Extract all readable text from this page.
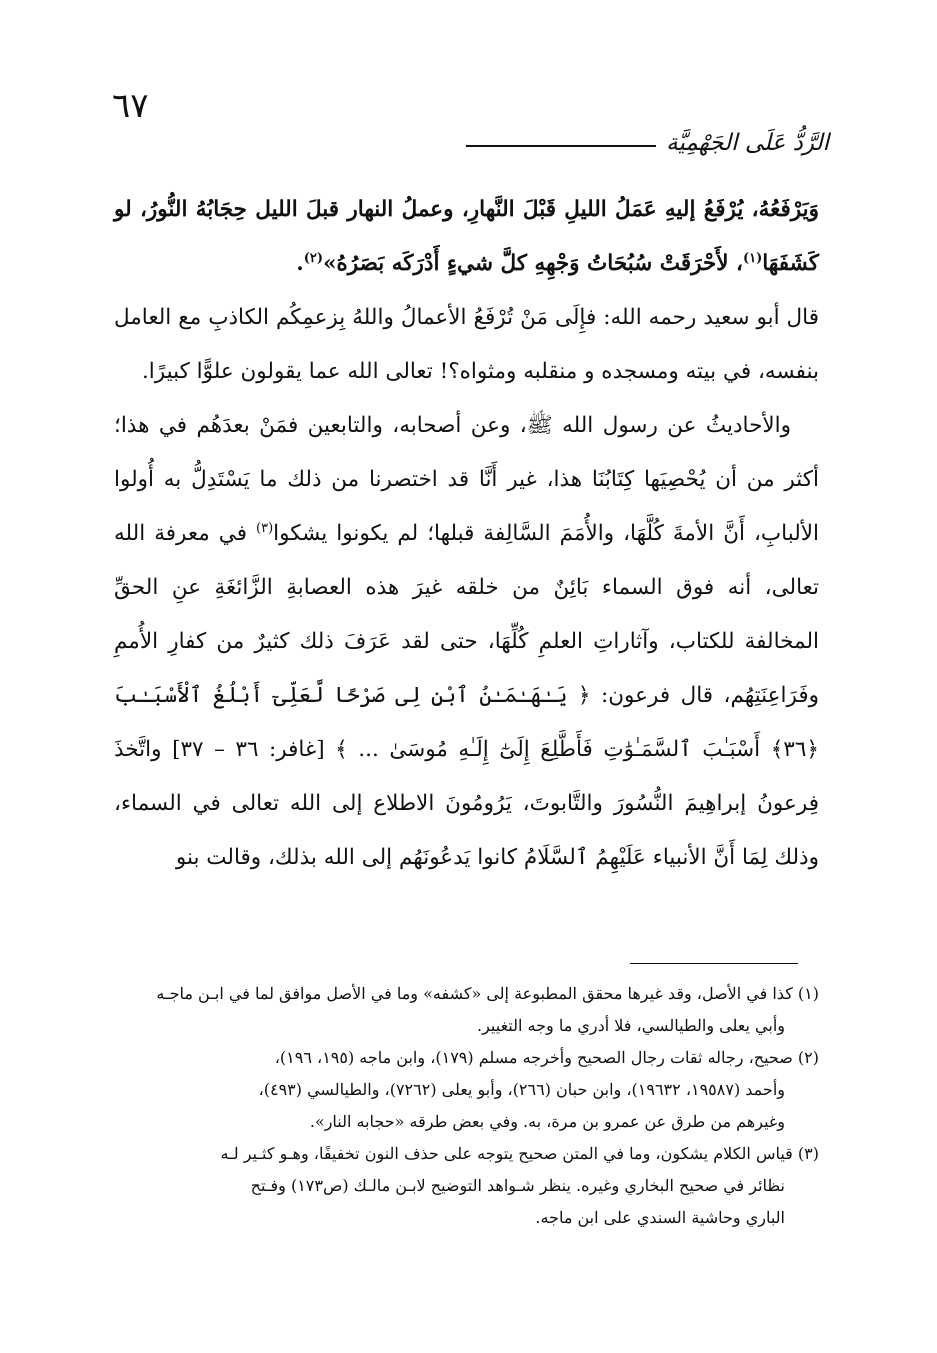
٦٧
الرَّدُّ عَلَى الجَهْمِيَّة

وَيَرْفَعُهُ، يُرْفَعُ إليهِ عَمَلُ الليلِ قَبْلَ النَّهارِ، وعملُ النهار قبلَ الليل حِجَابُهُ النُّورُ، لو كَشَفَهَا$^{(١)}$، لأَحْرَقَتْ سُبُحَاتُ وَجْهِهِ كلَّ شيءٍ أَدْرَكَه بَصَرُهُ»$^{(٢)}$.

قال أبو سعيد رحمه الله: فإِلَى مَنْ تُرْفَعُ الأعمالُ واللهُ بِزعمِكُم الكاذبِ مع العامل بنفسه، في بيته ومسجده و منقلبه ومثواه؟! تعالى الله عما يقولون علوًّا كبيرًا.

والأحاديثُ عن رسول الله ﷺ، وعن أصحابه، والتابعين فمَنْ بعدَهُم في هذا؛ أكثر من أن يُحْصِيَها كِتَابُنَا هذا، غير أَنَّا قد اختصرنا من ذلك ما يَسْتَدِلُّ به أُولوا الألبابِ، أَنَّ الأمةَ كُلَّهَا، والأُمَمَ السَّالِفة قبلها؛ لم يكونوا يشكوا$^{(٣)}$ في معرفة الله تعالى، أنه فوق السماء بَائِنٌ من خلقه غيرَ هذه العصابةِ الزَّائغَةِ عنِ الحقِّ المخالفة للكتاب، وآثاراتِ العلمِ كُلِّهَا، حتى لقد عَرَفَ ذلك كثيرٌ من كفارِ الأُممِ وفَرَاعِنَتِهُم، قال فرعون: ﴿ يَـٰهَـٰمَـٰنُ ٱبْنِ لِى صَرْحًا لَّعَلِّىٓ أَبْلُغُ ٱلْأَسْبَـٰبَ ﴿٣٦﴾ أَسْبَـٰبَ ٱلسَّمَـٰوَٰتِ فَأَطَّلِعَ إِلَىٰٓ إِلَـٰهِ مُوسَىٰ ... ﴾ [غافر: ٣٦ – ٣٧] واتَّخذَ فِرعونُ إبراهِيمَ النُّسُورَ والتَّابوتَ، يَرُومُونَ الاطلاع إلى الله تعالى في السماء، وذلك لِمَا أَنَّ الأنبياء عَلَيْهِمُ ٱلسَّلَامُ كانوا يَدعُونَهُم إلى الله بذلك، وقالت بنو

(١) كذا في الأصل، وقد غيرها محقق المطبوعة إلى «كشفه» وما في الأصل موافق لما في ابـن ماجـه

وأبي يعلى والطيالسي، فلا أدري ما وجه التغيير.

(٢) صحيح، رجاله ثقات رجال الصحيح وأخرجه مسلم (١٧٩)، وابن ماجه (١٩٥، ١٩٦)،

وأحمد (١٩٥٨٧، ١٩٦٣٢)، وابن حبان (٢٦٦)، وأبو يعلى (٧٢٦٢)، والطيالسي (٤٩٣)،

وغيرهم من طرق عن عمرو بن مرة، به. وفي بعض طرقه «حجابه النار».

(٣) قياس الكلام يشكون، وما في المتن صحيح يتوجه على حذف النون تخفيفًا، وهـو كثـير لـه

نظائر في صحيح البخاري وغيره. ينظر شـواهد التوضيح لابـن مالـك (ص١٧٣) وفـتح

الباري وحاشية السندي على ابن ماجه.
